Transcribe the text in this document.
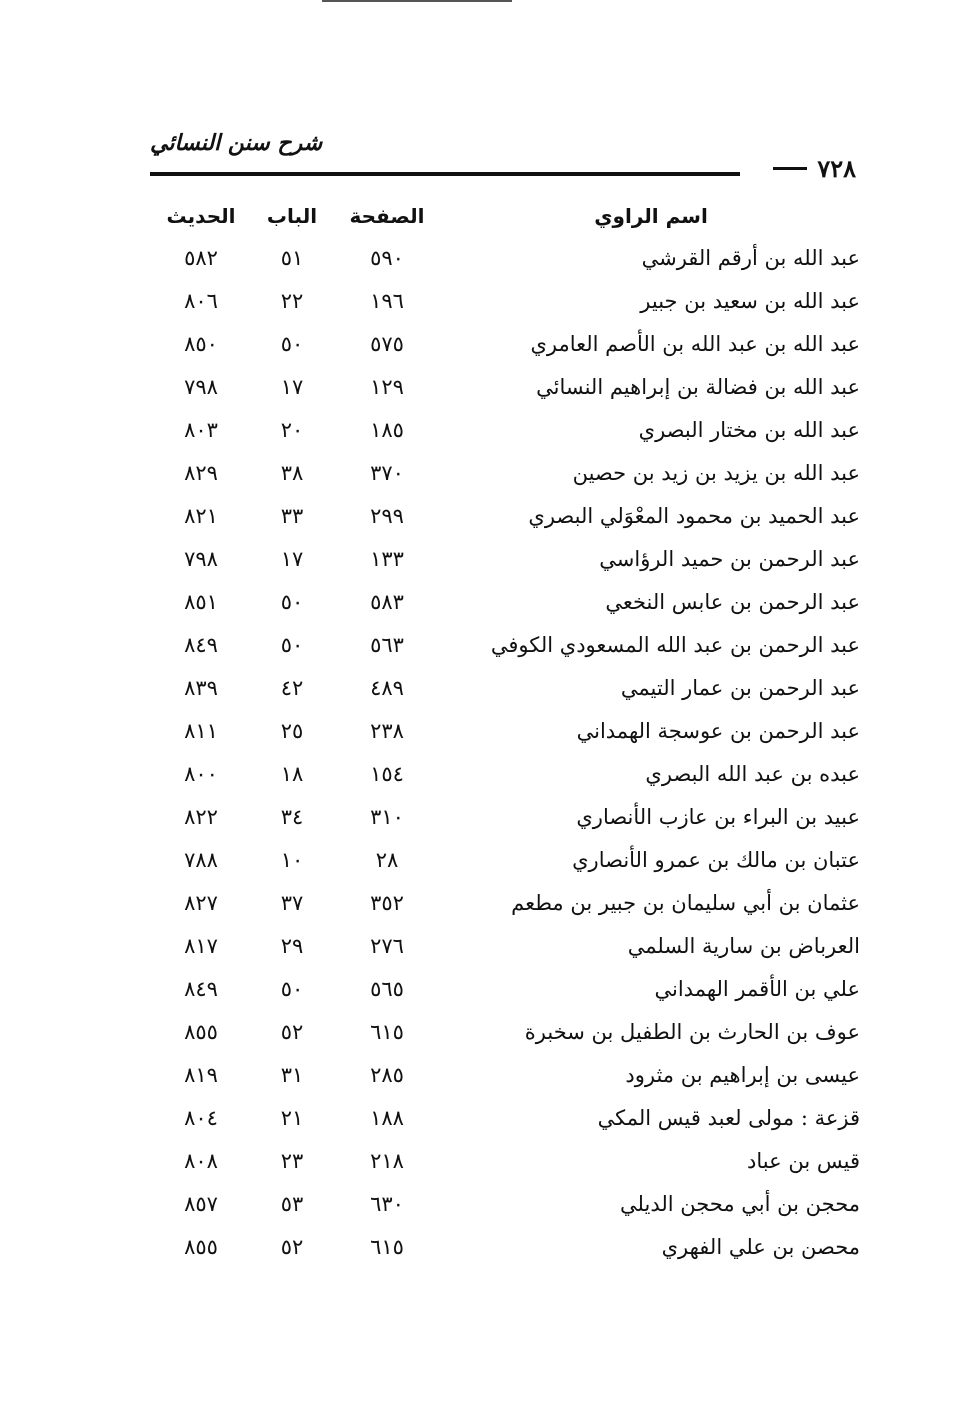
شرح سنن النسائي
٧٢٨
اسم الراوي	الصفحة	الباب	الحديث
عبد الله بن أرقم القرشي	٥٩٠	٥١	٥٨٢
عبد الله بن سعيد بن جبير	١٩٦	٢٢	٨٠٦
عبد الله بن عبد الله بن الأصم العامري	٥٧٥	٥٠	٨٥٠
عبد الله بن فضالة بن إبراهيم النسائي	١٢٩	١٧	٧٩٨
عبد الله بن مختار البصري	١٨٥	٢٠	٨٠٣
عبد الله بن يزيد بن زيد بن حصين	٣٧٠	٣٨	٨٢٩
عبد الحميد بن محمود المعْوَلي البصري	٢٩٩	٣٣	٨٢١
عبد الرحمن بن حميد الرؤاسي	١٣٣	١٧	٧٩٨
عبد الرحمن بن عابس النخعي	٥٨٣	٥٠	٨٥١
عبد الرحمن بن عبد الله المسعودي الكوفي	٥٦٣	٥٠	٨٤٩
عبد الرحمن بن عمار التيمي	٤٨٩	٤٢	٨٣٩
عبد الرحمن بن عوسجة الهمداني	٢٣٨	٢٥	٨١١
عبده بن عبد الله البصري	١٥٤	١٨	٨٠٠
عبيد بن البراء بن عازب الأنصاري	٣١٠	٣٤	٨٢٢
عتبان بن مالك بن عمرو الأنصاري	٢٨	١٠	٧٨٨
عثمان بن أبي سليمان بن جبير بن مطعم	٣٥٢	٣٧	٨٢٧
العرباض بن سارية السلمي	٢٧٦	٢٩	٨١٧
علي بن الأقمر الهمداني	٥٦٥	٥٠	٨٤٩
عوف بن الحارث بن الطفيل بن سخبرة	٦١٥	٥٢	٨٥٥
عيسى بن إبراهيم بن مثرود	٢٨٥	٣١	٨١٩
قزعة : مولى لعبد قيس المكي	١٨٨	٢١	٨٠٤
قيس بن عباد	٢١٨	٢٣	٨٠٨
محجن بن أبي محجن الديلي	٦٣٠	٥٣	٨٥٧
محصن بن علي الفهري	٦١٥	٥٢	٨٥٥
